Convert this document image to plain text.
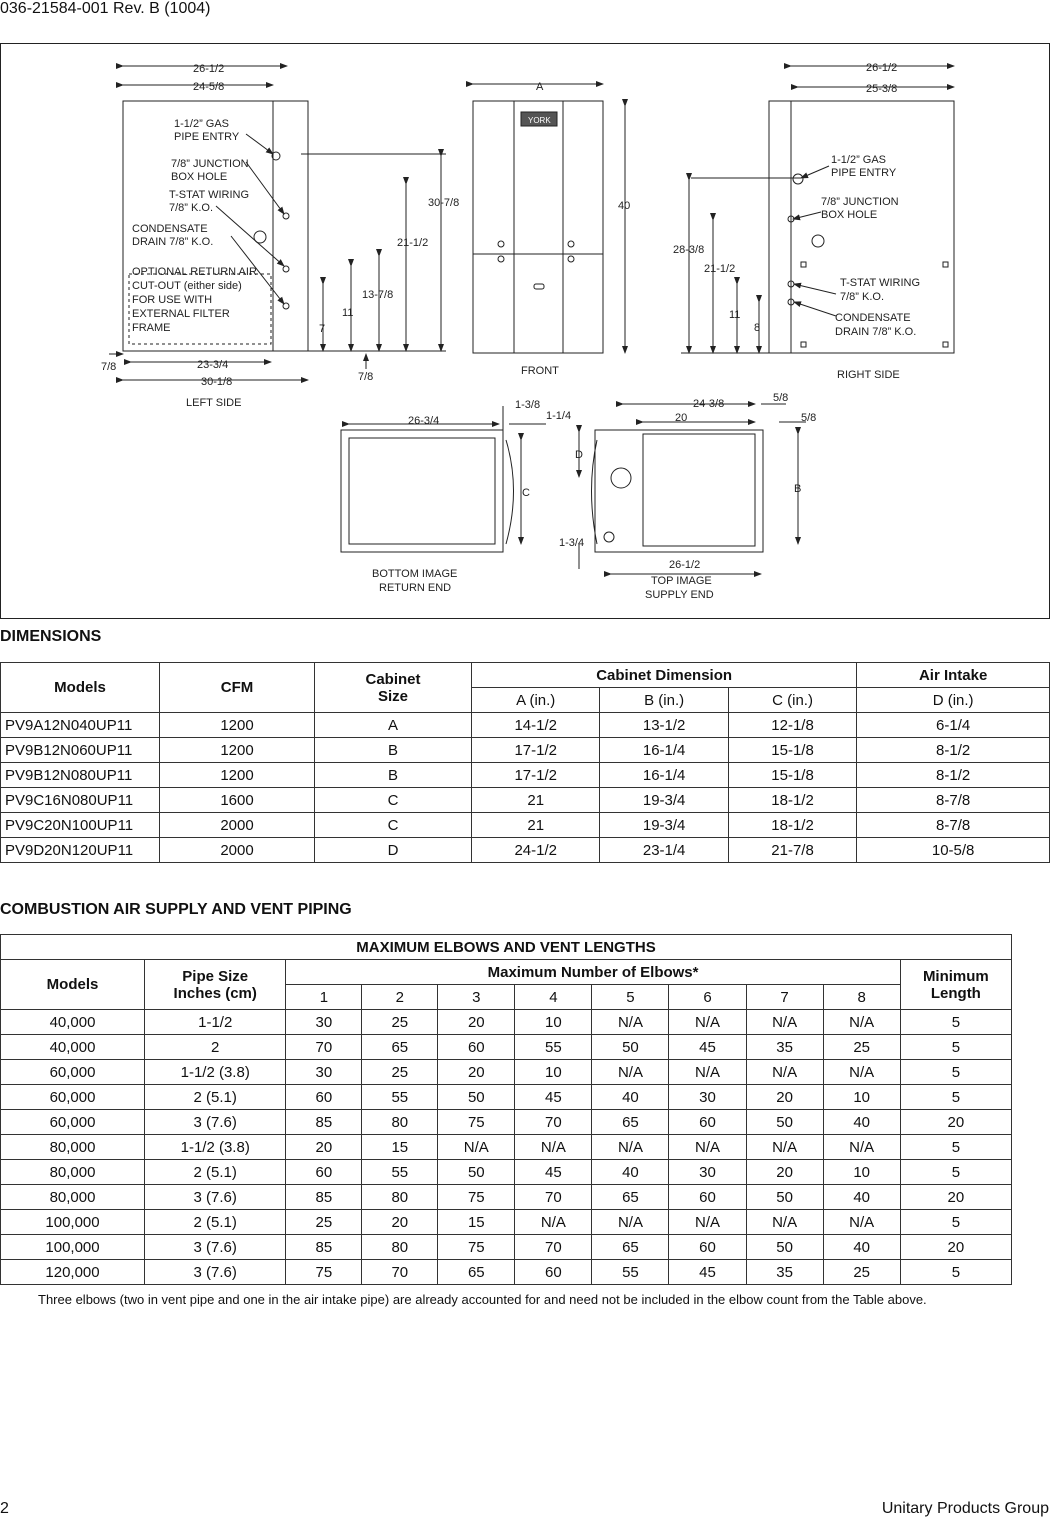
036-21584-001 Rev. B (1004)
26-1/2
24-5/8
30-7/8
21-1/2
13-7/8
11
7
7/8	23-3/4
30-1/8	7/8
LEFT SIDE
1-1/2” GAS
PIPE ENTRY
7/8” JUNCTION
BOX HOLE
T-STAT WIRING
7/8” K.O.
CONDENSATE
DRAIN 7/8” K.O.
OPTIONAL RETURN AIR
CUT-OUT (either side)
FOR USE WITH
EXTERNAL FILTER
FRAME
A
40
YORK
FRONT
26-1/2
25-3/8
28-3/8
21-1/2
11
8
RIGHT SIDE
1-1/2” GAS
PIPE ENTRY
7/8” JUNCTION
BOX HOLE
T-STAT WIRING
7/8” K.O.
CONDENSATE
DRAIN 7/8” K.O.
26-3/4
1-3/8
1-1/4
C
BOTTOM IMAGE
RETURN END
24-3/8
20
5/8
5/8
D
B
1-3/4
26-1/2
TOP IMAGE
SUPPLY END
DIMENSIONS
Models	CFM	Cabinet
Size	Cabinet Dimension			Air Intake
			A (in.)	B (in.)	C (in.)	D (in.)
PV9A12N040UP11	1200	A	14-1/2	13-1/2	12-1/8	6-1/4
PV9B12N060UP11	1200	B	17-1/2	16-1/4	15-1/8	8-1/2
PV9B12N080UP11	1200	B	17-1/2	16-1/4	15-1/8	8-1/2
PV9C16N080UP11	1600	C	21	19-3/4	18-1/2	8-7/8
PV9C20N100UP11	2000	C	21	19-3/4	18-1/2	8-7/8
PV9D20N120UP11	2000	D	24-1/2	23-1/4	21-7/8	10-5/8
COMBUSTION AIR SUPPLY AND VENT PIPING
MAXIMUM ELBOWS AND VENT LENGTHS										
Models	Pipe Size
Inches (cm)	Maximum Number of Elbows*								Minimum
Length
		1	2	3	4	5	6	7	8	
40,000	1-1/2	30	25	20	10	N/A	N/A	N/A	N/A	5
40,000	2	70	65	60	55	50	45	35	25	5
60,000	1-1/2 (3.8)	30	25	20	10	N/A	N/A	N/A	N/A	5
60,000	2 (5.1)	60	55	50	45	40	30	20	10	5
60,000	3 (7.6)	85	80	75	70	65	60	50	40	20
80,000	1-1/2 (3.8)	20	15	N/A	N/A	N/A	N/A	N/A	N/A	5
80,000	2 (5.1)	60	55	50	45	40	30	20	10	5
80,000	3 (7.6)	85	80	75	70	65	60	50	40	20
100,000	2 (5.1)	25	20	15	N/A	N/A	N/A	N/A	N/A	5
100,000	3 (7.6)	85	80	75	70	65	60	50	40	20
120,000	3 (7.6)	75	70	65	60	55	45	35	25	5
Three elbows (two in vent pipe and one in the air intake pipe) are already accounted for and need not be included in the elbow count from the Table above.
2	Unitary Products Group
